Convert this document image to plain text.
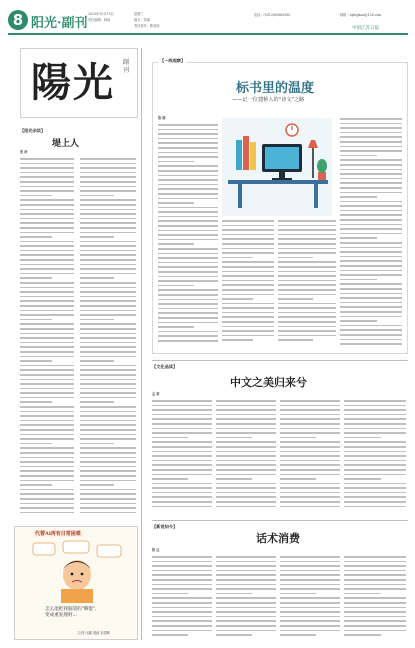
8 阳光·副刊
2025年10月15日	星期三
责任编辑：韩真	版式：邹睿
责任校对：陈星雨
电话：(0512)65865080	邮箱：sgfugkan@126.com
中国江苏日报
陽光 副刊
【阳光杂谈】
堤上人
张 研
【一线观察】
标书里的温度
——记一位建桥人的"诗文"之路
陈 晴
【文化品读】
中文之美归来兮
孟 萌
【新说知今】
话术消费
陈 达
代替Ai再有日常困难
怎么能把我脑袋的"聊蛋"，
变成重复理财...
文/图 闭湖 漫画 宋德卿
